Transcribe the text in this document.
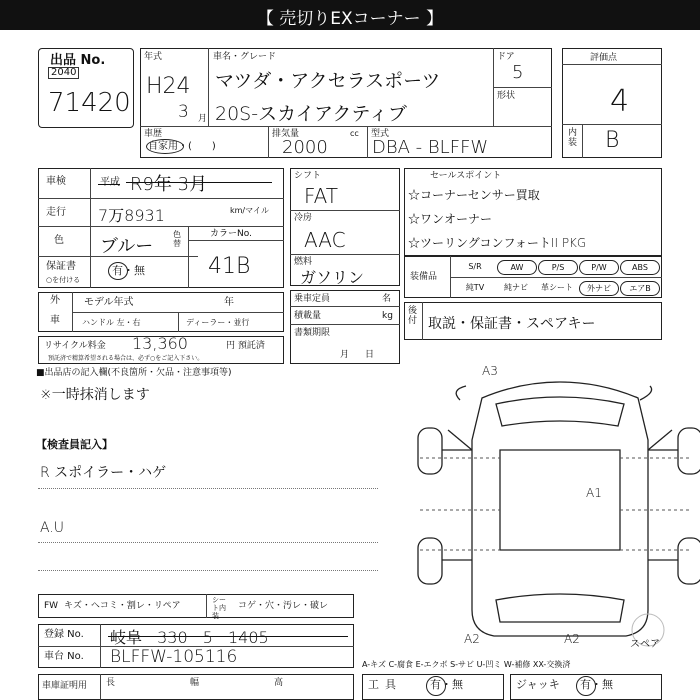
【 売切りEXコーナー 】
出品 No.
2040
71420
年式
H24
3 月
車名・グレード
マツダ・アクセラスポーツ
20S-スカイアクティブ
ドア
5
形状
車歴
自家用・(　　)
排気量	cc
2000
型式
DBA - BLFFW
評価点
4
内装 B
車検	平成 R9年 3月
走行 7万8931	km/マイル
色 ブルー
色替
カラーNo.
41B
保証書
○を付ける
有・無
外
車
モデル年式	年
ハンドル 左・右	ディーラー・並行
リサイクル料金 13,360	円 預託済
預託済で精算希望される場合は、必ず○をご記入下さい。
シフト
FAT
冷房
AAC
燃料
ガソリン
乗車定員	名
積載量	kg
書類期限
月日
セールスポイント
☆コーナーセンサー買取
☆ワンオーナー
☆ツーリングコンフォートII PKG
装備品
S/R	AW	P/S	P/W	ABS
純TV	純ナビ	革シート	外ナビ	エアB
後付 取説・保証書・スペアキー
■出品店の記入欄(不良箇所・欠品・注意事項等)
※一時抹消します
【検査員記入】
R スポイラー・ハゲ
A.U
FW キズ・ヘコミ・割レ・リペア
シート内装
コゲ・穴・汚レ・破レ
登録 No. 岐阜 330 5 1405
車台 No. BLFFW-105116
車庫証明用 長	幅	高	工具	有・無	ジャッキ 有・無
A-キズ C-腐食 E-エクボ S-サビ U-凹ミ W-補修 XX-交換済
A3
A1
A2	A2	スペア
